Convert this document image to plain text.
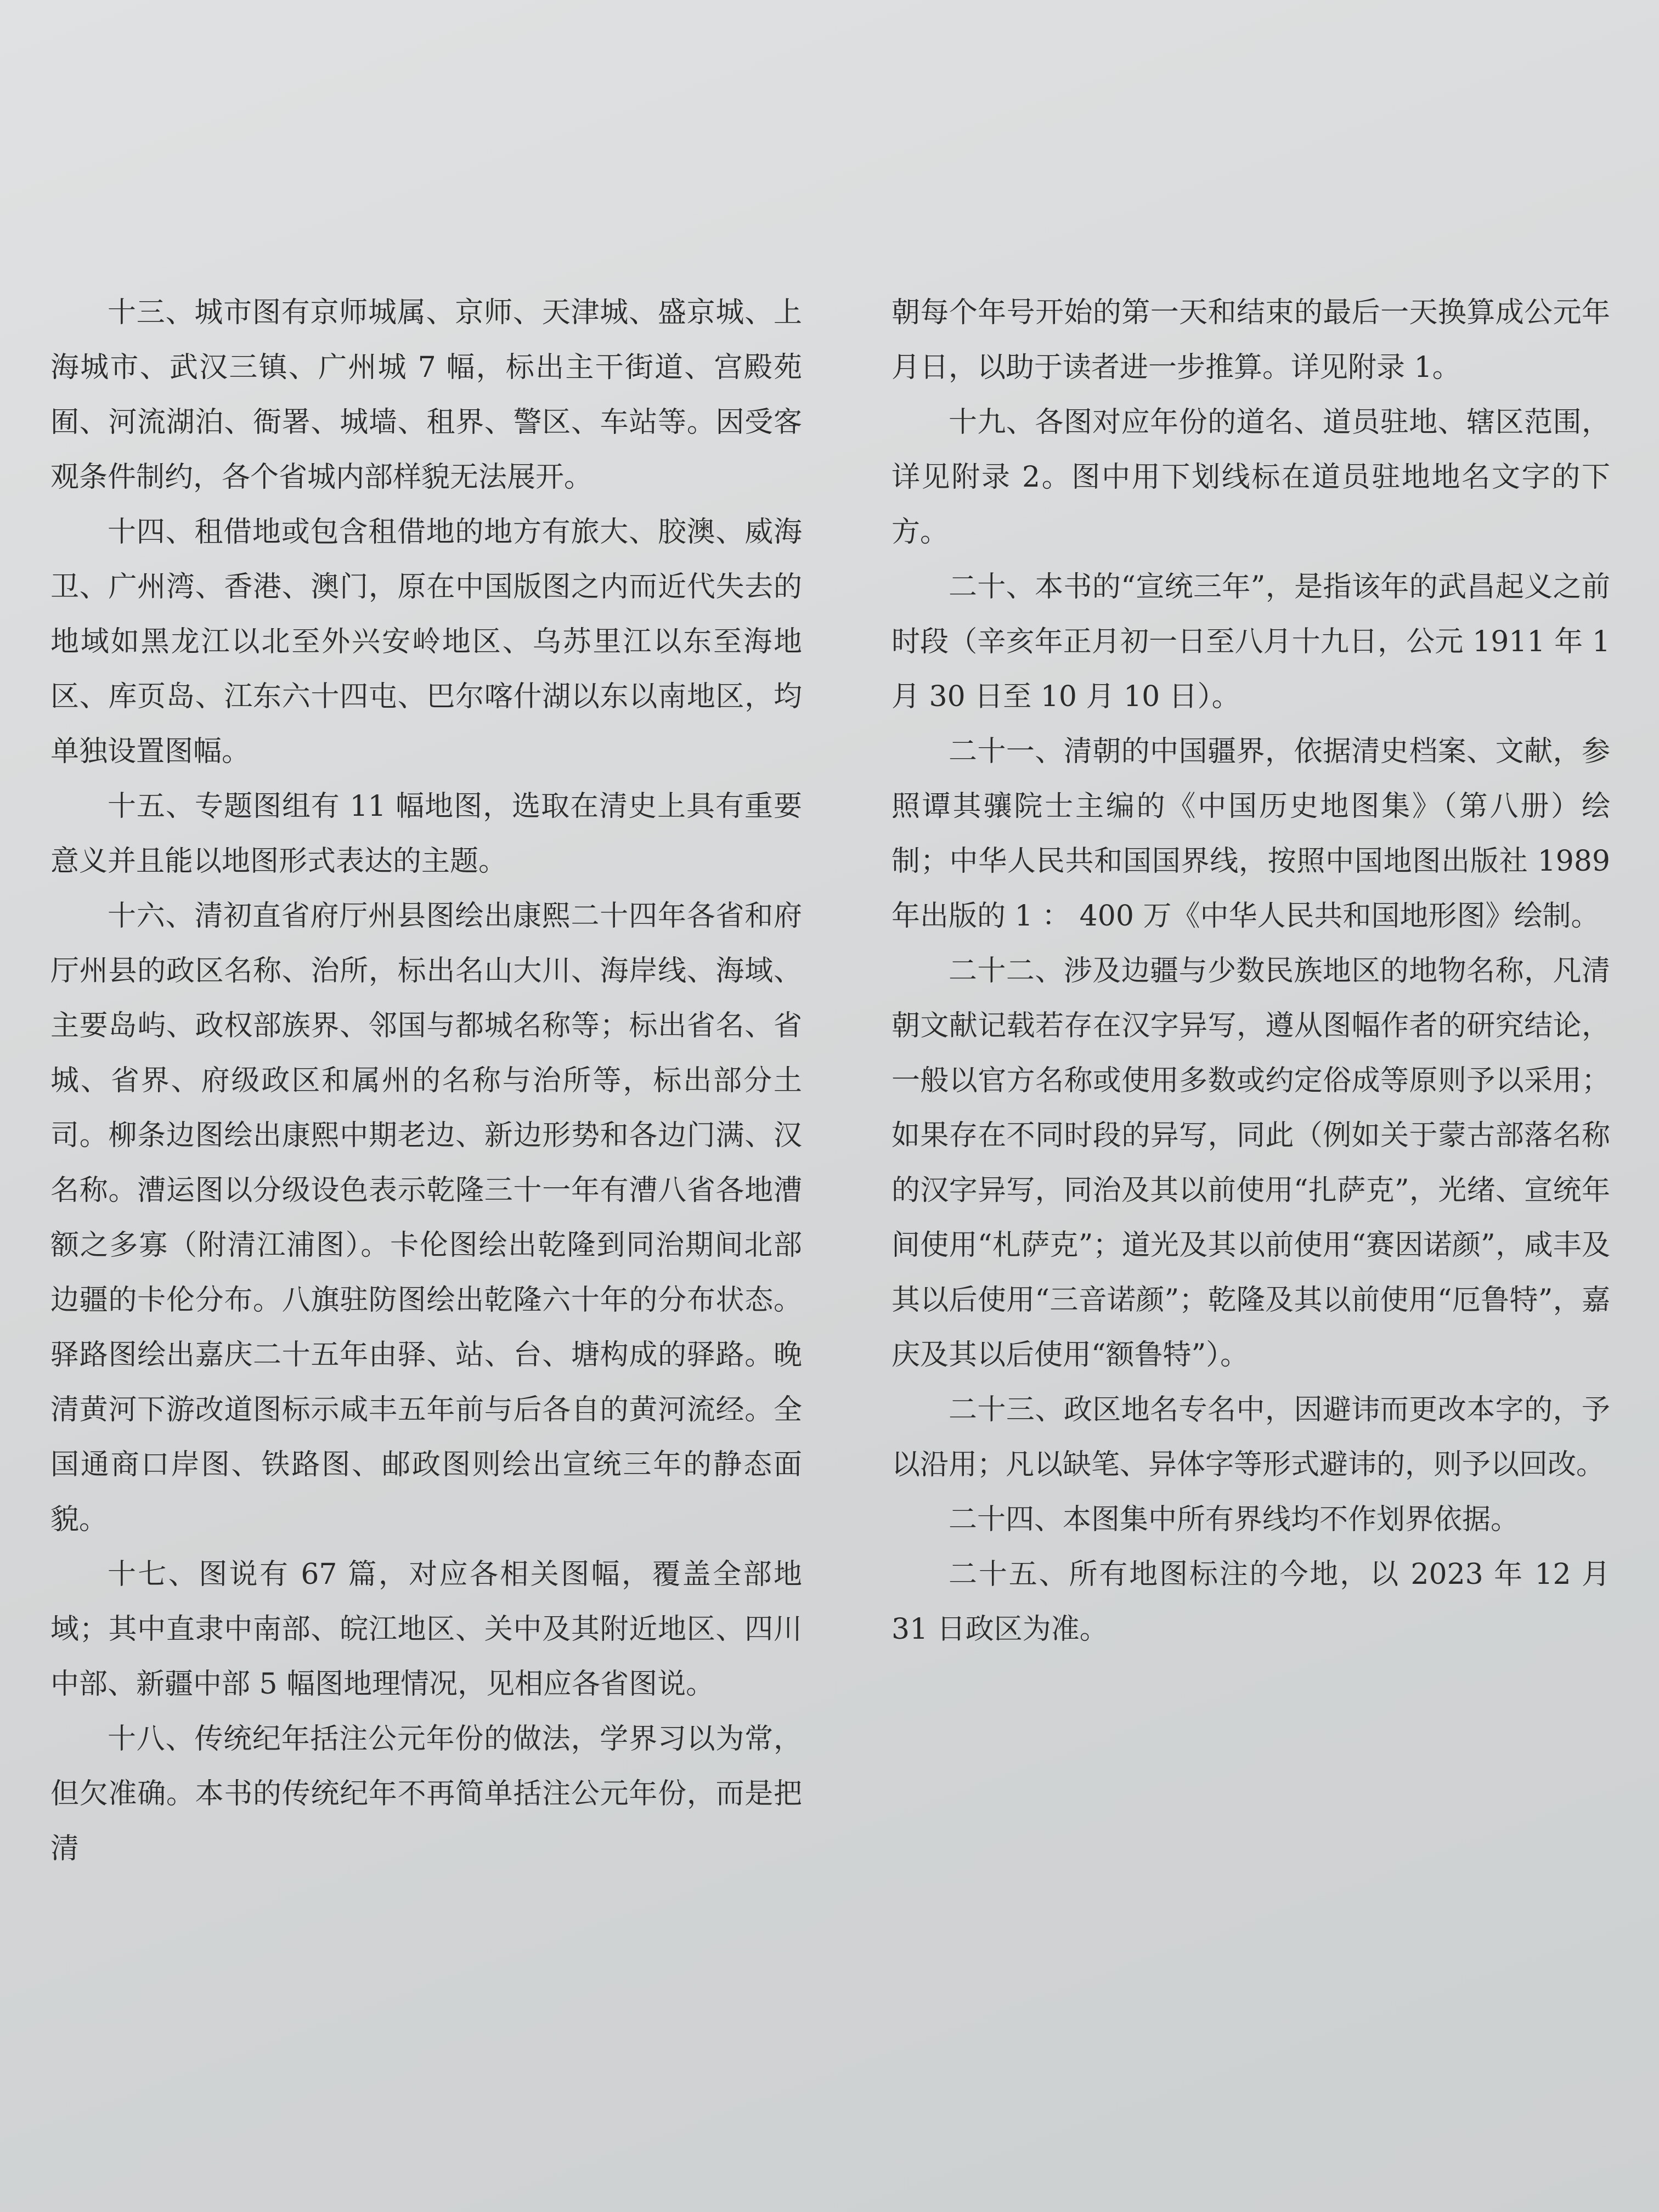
十三、城市图有京师城属、京师、天津城、盛京城、上海城市、武汉三镇、广州城 7 幅，标出主干街道、宫殿苑囿、河流湖泊、衙署、城墙、租界、警区、车站等。因受客观条件制约，各个省城内部样貌无法展开。

十四、租借地或包含租借地的地方有旅大、胶澳、威海卫、广州湾、香港、澳门，原在中国版图之内而近代失去的地域如黑龙江以北至外兴安岭地区、乌苏里江以东至海地区、库页岛、江东六十四屯、巴尔喀什湖以东以南地区，均单独设置图幅。

十五、专题图组有 11 幅地图，选取在清史上具有重要意义并且能以地图形式表达的主题。

十六、清初直省府厅州县图绘出康熙二十四年各省和府厅州县的政区名称、治所，标出名山大川、海岸线、海域、主要岛屿、政权部族界、邻国与都城名称等；标出省名、省城、省界、府级政区和属州的名称与治所等，标出部分土司。柳条边图绘出康熙中期老边、新边形势和各边门满、汉名称。漕运图以分级设色表示乾隆三十一年有漕八省各地漕额之多寡（附清江浦图）。卡伦图绘出乾隆到同治期间北部边疆的卡伦分布。八旗驻防图绘出乾隆六十年的分布状态。驿路图绘出嘉庆二十五年由驿、站、台、塘构成的驿路。晚清黄河下游改道图标示咸丰五年前与后各自的黄河流经。全国通商口岸图、铁路图、邮政图则绘出宣统三年的静态面貌。

十七、图说有 67 篇，对应各相关图幅，覆盖全部地域；其中直隶中南部、皖江地区、关中及其附近地区、四川中部、新疆中部 5 幅图地理情况，见相应各省图说。

十八、传统纪年括注公元年份的做法，学界习以为常，但欠准确。本书的传统纪年不再简单括注公元年份，而是把清

朝每个年号开始的第一天和结束的最后一天换算成公元年月日，以助于读者进一步推算。详见附录 1。

十九、各图对应年份的道名、道员驻地、辖区范围，详见附录 2。图中用下划线标在道员驻地地名文字的下方。

二十、本书的“宣统三年”，是指该年的武昌起义之前时段（辛亥年正月初一日至八月十九日，公元 1911 年 1 月 30 日至 10 月 10 日）。

二十一、清朝的中国疆界，依据清史档案、文献，参照谭其骧院士主编的《中国历史地图集》（第八册）绘制；中华人民共和国国界线，按照中国地图出版社 1989 年出版的 1 ： 400 万《中华人民共和国地形图》绘制。

二十二、涉及边疆与少数民族地区的地物名称，凡清朝文献记载若存在汉字异写，遵从图幅作者的研究结论，一般以官方名称或使用多数或约定俗成等原则予以采用；如果存在不同时段的异写，同此（例如关于蒙古部落名称的汉字异写，同治及其以前使用“扎萨克”，光绪、宣统年间使用“札萨克”；道光及其以前使用“赛因诺颜”，咸丰及其以后使用“三音诺颜”；乾隆及其以前使用“厄鲁特”，嘉庆及其以后使用“额鲁特”）。

二十三、政区地名专名中，因避讳而更改本字的，予以沿用；凡以缺笔、异体字等形式避讳的，则予以回改。

二十四、本图集中所有界线均不作划界依据。

二十五、所有地图标注的今地，以 2023 年 12 月 31 日政区为准。
